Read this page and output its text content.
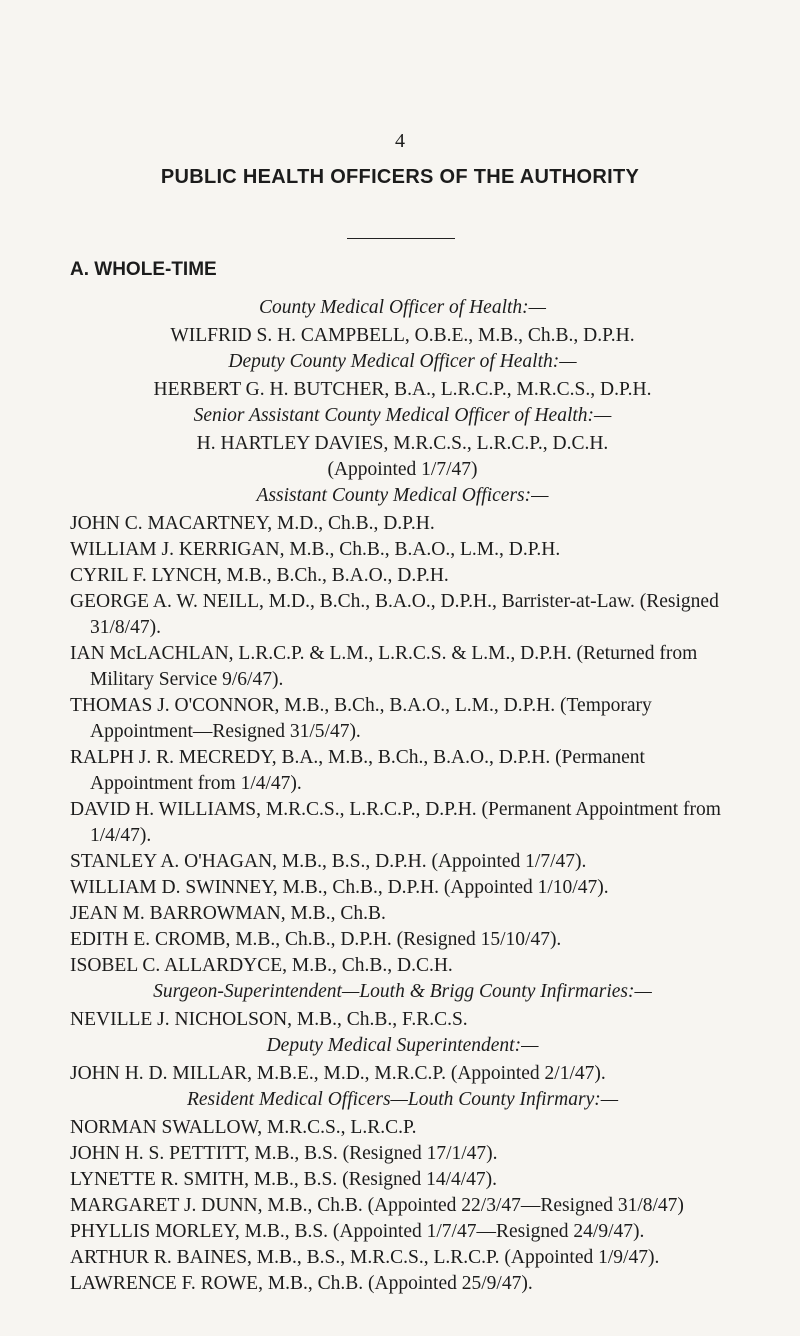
4
PUBLIC HEALTH OFFICERS OF THE AUTHORITY
A. WHOLE-TIME
County Medical Officer of Health:—
WILFRID S. H. CAMPBELL, O.B.E., M.B., Ch.B., D.P.H.
Deputy County Medical Officer of Health:—
HERBERT G. H. BUTCHER, B.A., L.R.C.P., M.R.C.S., D.P.H.
Senior Assistant County Medical Officer of Health:—
H. HARTLEY DAVIES, M.R.C.S., L.R.C.P., D.C.H.
(Appointed 1/7/47)
Assistant County Medical Officers:—
JOHN C. MACARTNEY, M.D., Ch.B., D.P.H.
WILLIAM J. KERRIGAN, M.B., Ch.B., B.A.O., L.M., D.P.H.
CYRIL F. LYNCH, M.B., B.Ch., B.A.O., D.P.H.
GEORGE A. W. NEILL, M.D., B.Ch., B.A.O., D.P.H., Barrister-at-Law. (Resigned 31/8/47).
IAN McLACHLAN, L.R.C.P. & L.M., L.R.C.S. & L.M., D.P.H. (Returned from Military Service 9/6/47).
THOMAS J. O'CONNOR, M.B., B.Ch., B.A.O., L.M., D.P.H. (Temporary Appointment—Resigned 31/5/47).
RALPH J. R. MECREDY, B.A., M.B., B.Ch., B.A.O., D.P.H. (Permanent Appointment from 1/4/47).
DAVID H. WILLIAMS, M.R.C.S., L.R.C.P., D.P.H. (Permanent Appointment from 1/4/47).
STANLEY A. O'HAGAN, M.B., B.S., D.P.H. (Appointed 1/7/47).
WILLIAM D. SWINNEY, M.B., Ch.B., D.P.H. (Appointed 1/10/47).
JEAN M. BARROWMAN, M.B., Ch.B.
EDITH E. CROMB, M.B., Ch.B., D.P.H. (Resigned 15/10/47).
ISOBEL C. ALLARDYCE, M.B., Ch.B., D.C.H.
Surgeon-Superintendent—Louth & Brigg County Infirmaries:—
NEVILLE J. NICHOLSON, M.B., Ch.B., F.R.C.S.
Deputy Medical Superintendent:—
JOHN H. D. MILLAR, M.B.E., M.D., M.R.C.P. (Appointed 2/1/47).
Resident Medical Officers—Louth County Infirmary:—
NORMAN SWALLOW, M.R.C.S., L.R.C.P.
JOHN H. S. PETTITT, M.B., B.S. (Resigned 17/1/47).
LYNETTE R. SMITH, M.B., B.S. (Resigned 14/4/47).
MARGARET J. DUNN, M.B., Ch.B. (Appointed 22/3/47—Resigned 31/8/47)
PHYLLIS MORLEY, M.B., B.S. (Appointed 1/7/47—Resigned 24/9/47).
ARTHUR R. BAINES, M.B., B.S., M.R.C.S., L.R.C.P. (Appointed 1/9/47).
LAWRENCE F. ROWE, M.B., Ch.B. (Appointed 25/9/47).
